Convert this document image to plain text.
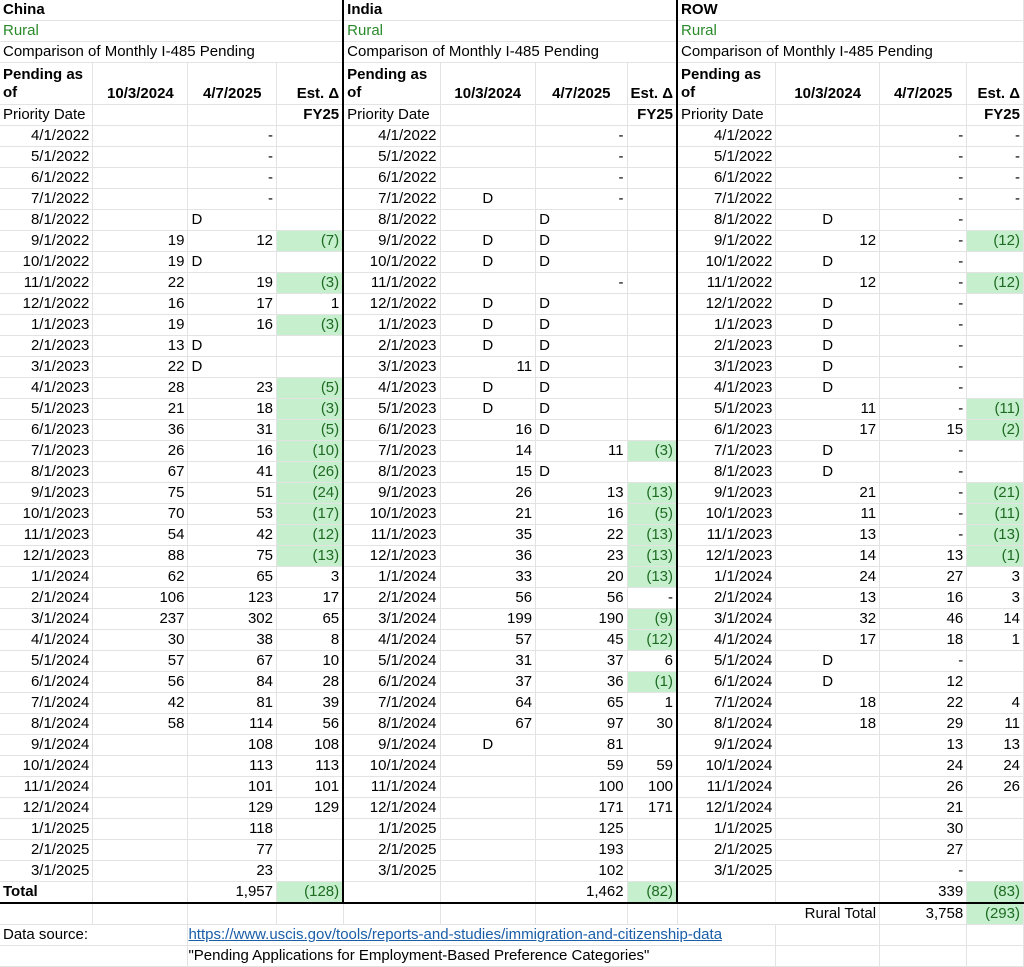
China				India				ROW			
Rural				Rural				Rural			
Comparison of Monthly I-485 Pending				Comparison of Monthly I-485 Pending				Comparison of Monthly I-485 Pending			

Pending as
of	10/3/2024	4/7/2025	Est. Δ	Pending as of	10/3/2024	4/7/2025	Est. Δ	Pending as of	10/3/2024	4/7/2025	Est. Δ
Priority Date			FY25	Priority Date			FY25	Priority Date			FY25
4/1/2022		-		4/1/2022		-		4/1/2022		-	-
5/1/2022		-		5/1/2022		-		5/1/2022		-	-
6/1/2022		-		6/1/2022		-		6/1/2022		-	-
7/1/2022		-		7/1/2022	D	-		7/1/2022		-	-
8/1/2022		D		8/1/2022		D		8/1/2022	D	-	
9/1/2022	19	12	(7)	9/1/2022	D	D		9/1/2022	12	-	(12)
10/1/2022	19	D		10/1/2022	D	D		10/1/2022	D	-	
11/1/2022	22	19	(3)	11/1/2022		-		11/1/2022	12	-	(12)
12/1/2022	16	17	1	12/1/2022	D	D		12/1/2022	D	-	
1/1/2023	19	16	(3)	1/1/2023	D	D		1/1/2023	D	-	
2/1/2023	13	D		2/1/2023	D	D		2/1/2023	D	-	
3/1/2023	22	D		3/1/2023	11	D		3/1/2023	D	-	
4/1/2023	28	23	(5)	4/1/2023	D	D		4/1/2023	D	-	
5/1/2023	21	18	(3)	5/1/2023	D	D		5/1/2023	11	-	(11)
6/1/2023	36	31	(5)	6/1/2023	16	D		6/1/2023	17	15	(2)
7/1/2023	26	16	(10)	7/1/2023	14	11	(3)	7/1/2023	D	-	
8/1/2023	67	41	(26)	8/1/2023	15	D		8/1/2023	D	-	
9/1/2023	75	51	(24)	9/1/2023	26	13	(13)	9/1/2023	21	-	(21)
10/1/2023	70	53	(17)	10/1/2023	21	16	(5)	10/1/2023	11	-	(11)
11/1/2023	54	42	(12)	11/1/2023	35	22	(13)	11/1/2023	13	-	(13)
12/1/2023	88	75	(13)	12/1/2023	36	23	(13)	12/1/2023	14	13	(1)
1/1/2024	62	65	3	1/1/2024	33	20	(13)	1/1/2024	24	27	3
2/1/2024	106	123	17	2/1/2024	56	56	-	2/1/2024	13	16	3
3/1/2024	237	302	65	3/1/2024	199	190	(9)	3/1/2024	32	46	14
4/1/2024	30	38	8	4/1/2024	57	45	(12)	4/1/2024	17	18	1
5/1/2024	57	67	10	5/1/2024	31	37	6	5/1/2024	D	-	
6/1/2024	56	84	28	6/1/2024	37	36	(1)	6/1/2024	D	12	
7/1/2024	42	81	39	7/1/2024	64	65	1	7/1/2024	18	22	4
8/1/2024	58	114	56	8/1/2024	67	97	30	8/1/2024	18	29	11
9/1/2024		108	108	9/1/2024	D	81		9/1/2024		13	13
10/1/2024		113	113	10/1/2024		59	59	10/1/2024		24	24
11/1/2024		101	101	11/1/2024		100	100	11/1/2024		26	26
12/1/2024		129	129	12/1/2024		171	171	12/1/2024		21	
1/1/2025		118		1/1/2025		125		1/1/2025		30	
2/1/2025		77		2/1/2025		193		2/1/2025		27	
3/1/2025		23		3/1/2025		102		3/1/2025		-	
Total		1,957	(128)			1,462	(82)			339	(83)
								Rural Total		3,758	(293)
Data source:		https://www.uscis.gov/tools/reports-and-studies/immigration-and-citizenship-data									
		"Pending Applications for Employment-Based Preference Categories"									
